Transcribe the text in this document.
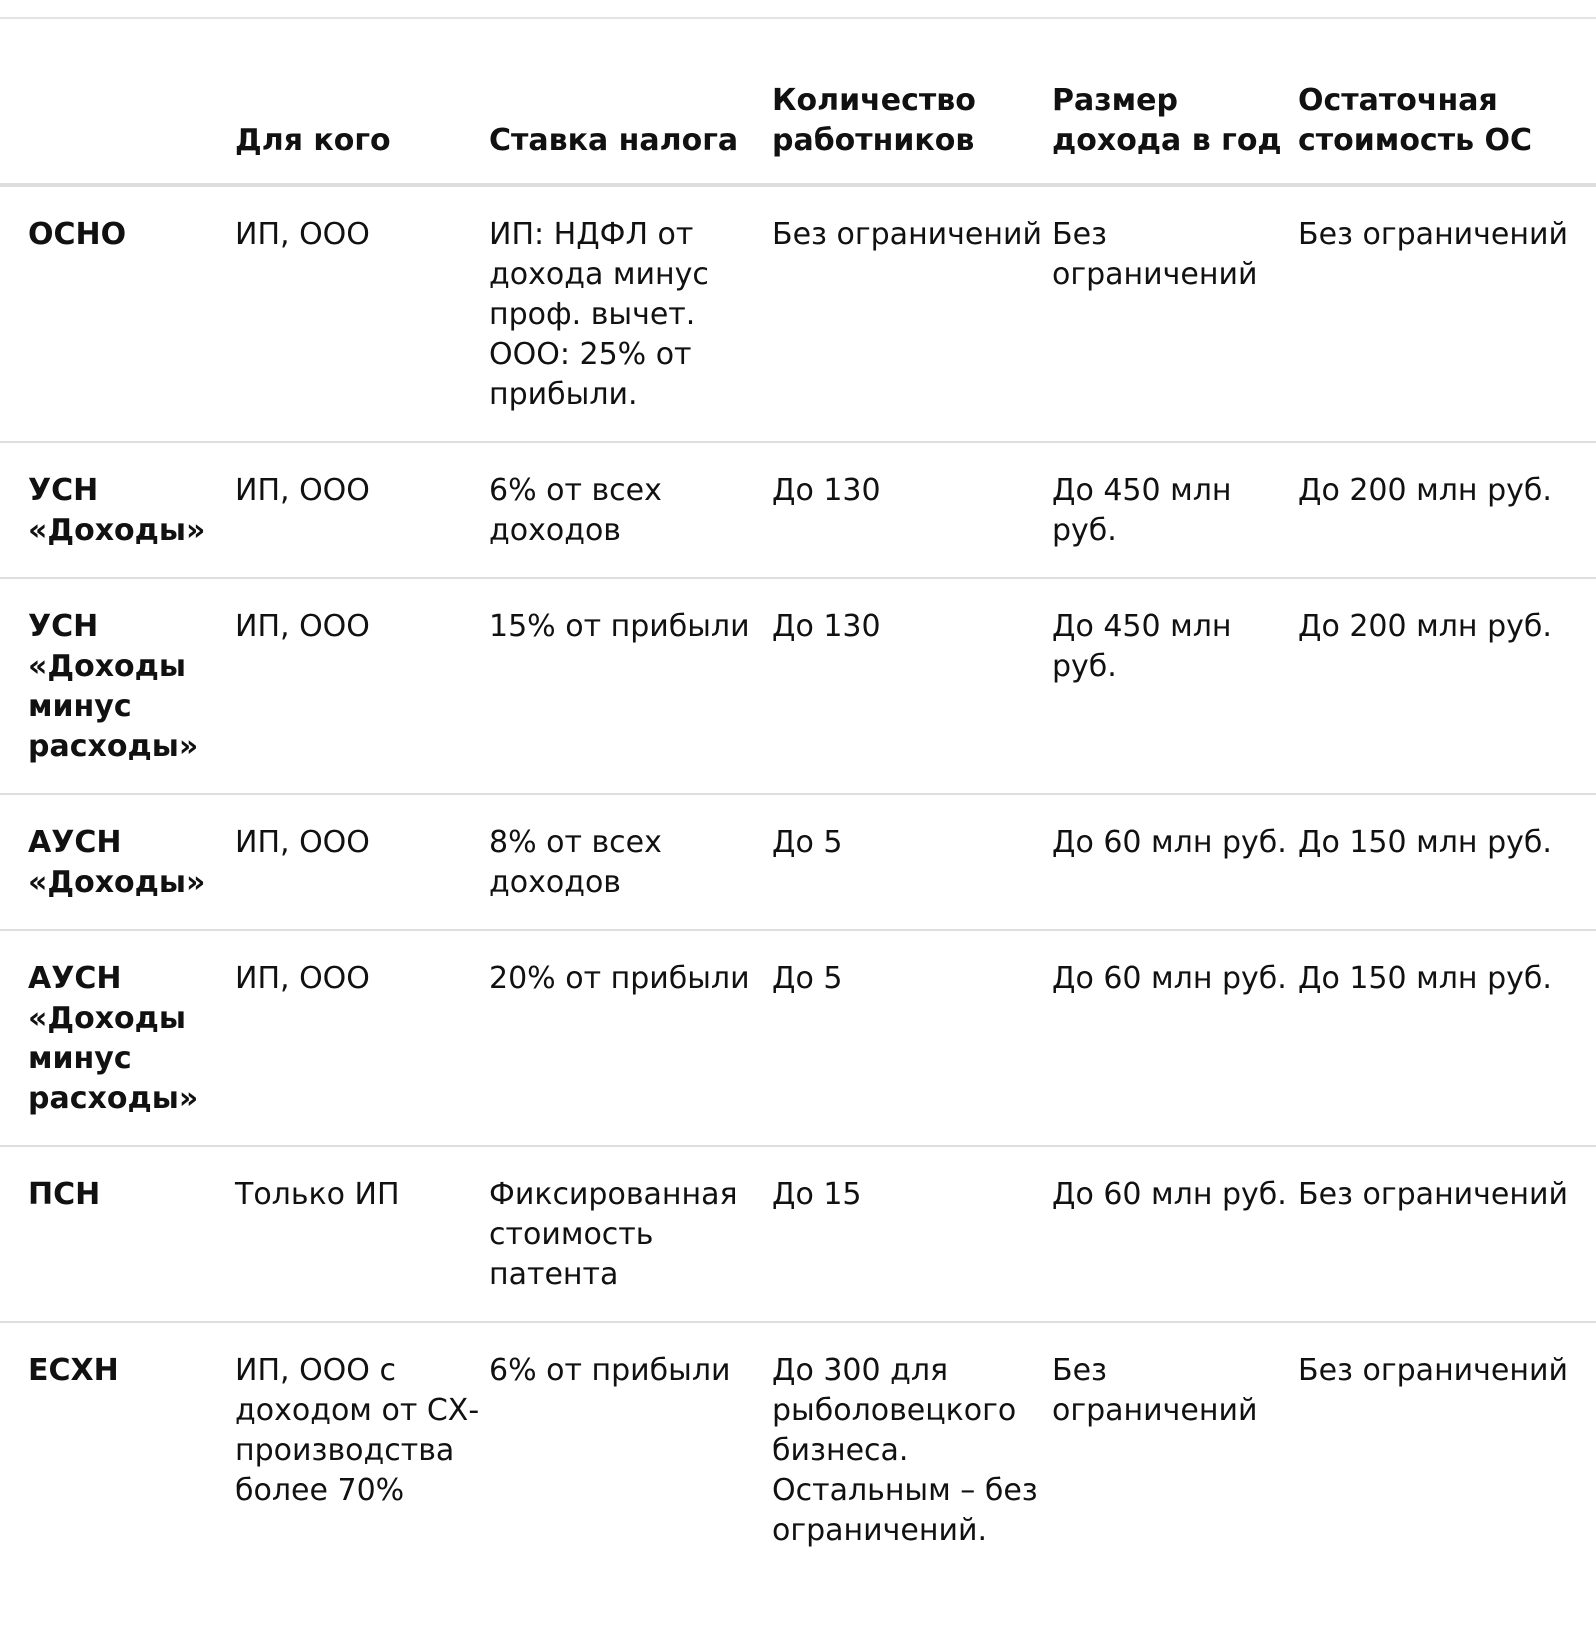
	Для кого	Ставка налога	Количество работников	Размер дохода в год	Остаточная стоимость ОС
ОСНО	ИП, ООО	ИП: НДФЛ от дохода минус проф. вычет. ООО: 25% от прибыли.	Без ограничений	Без ограничений	Без ограничений
УСН «Доходы»	ИП, ООО	6% от всех доходов	До 130	До 450 млн руб.	До 200 млн руб.
УСН «Доходы минус расходы»	ИП, ООО	15% от прибыли	До 130	До 450 млн руб.	До 200 млн руб.
АУСН «Доходы»	ИП, ООО	8% от всех доходов	До 5	До 60 млн руб.	До 150 млн руб.
АУСН «Доходы минус расходы»	ИП, ООО	20% от прибыли	До 5	До 60 млн руб.	До 150 млн руб.
ПСН	Только ИП	Фиксированная стоимость патента	До 15	До 60 млн руб.	Без ограничений
ЕСХН	ИП, ООО с доходом от СХ-производства более 70%	6% от прибыли	До 300 для рыболовецкого бизнеса. Остальным – без ограничений.	Без ограничений	Без ограничений
